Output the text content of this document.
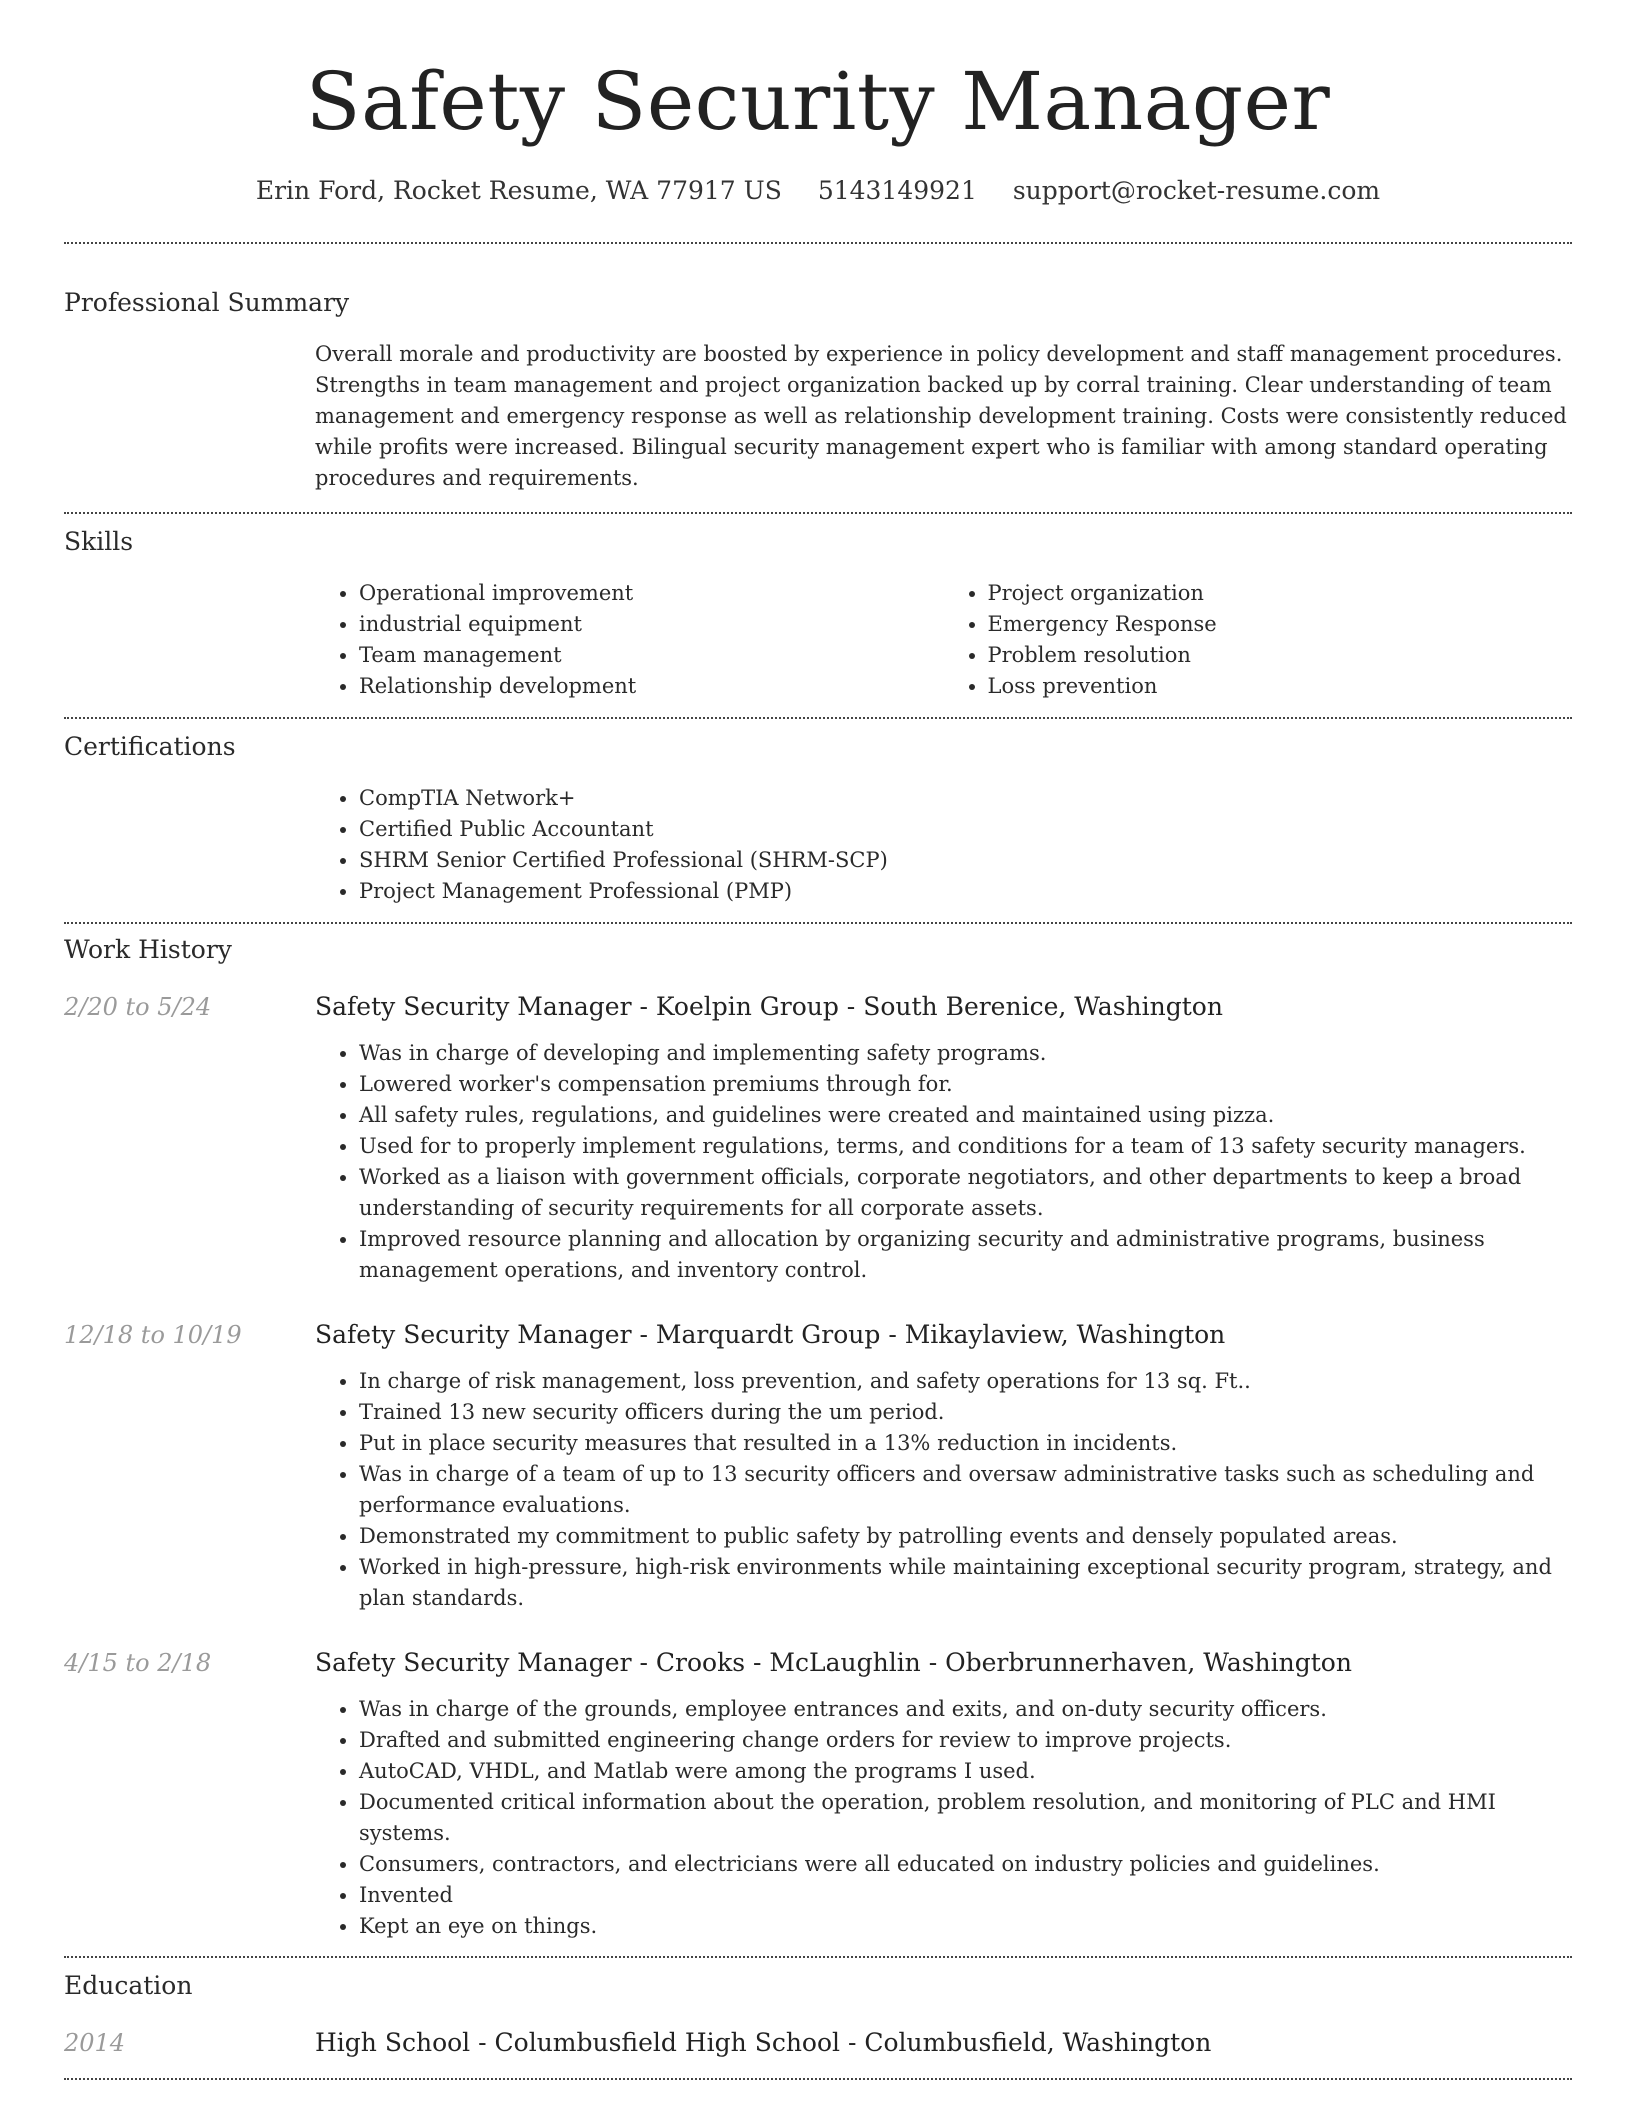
Safety Security Manager
Erin Ford, Rocket Resume, WA 77917 US 5143149921 support@rocket-resume.com
Professional Summary

Overall morale and productivity are boosted by experience in policy development and staff management procedures. Strengths in team management and project organization backed up by corral training. Clear understanding of team management and emergency response as well as relationship development training. Costs were consistently reduced while profits were increased. Bilingual security management expert who is familiar with among standard operating procedures and requirements.

Skills
• Operational improvement
• industrial equipment
• Team management
• Relationship development
• Project organization
• Emergency Response
• Problem resolution
• Loss prevention
Certifications
• CompTIA Network+
• Certified Public Accountant
• SHRM Senior Certified Professional (SHRM-SCP)
• Project Management Professional (PMP)
Work History
2/20 to 5/24	Safety Security Manager - Koelpin Group - South Berenice, Washington
• Was in charge of developing and implementing safety programs.
• Lowered worker's compensation premiums through for.
• All safety rules, regulations, and guidelines were created and maintained using pizza.
• Used for to properly implement regulations, terms, and conditions for a team of 13 safety security managers.
• Worked as a liaison with government officials, corporate negotiators, and other departments to keep a broad understanding of security requirements for all corporate assets.
• Improved resource planning and allocation by organizing security and administrative programs, business management operations, and inventory control.
12/18 to 10/19	Safety Security Manager - Marquardt Group - Mikaylaview, Washington
• In charge of risk management, loss prevention, and safety operations for 13 sq. Ft..
• Trained 13 new security officers during the um period.
• Put in place security measures that resulted in a 13% reduction in incidents.
• Was in charge of a team of up to 13 security officers and oversaw administrative tasks such as scheduling and performance evaluations.
• Demonstrated my commitment to public safety by patrolling events and densely populated areas.
• Worked in high-pressure, high-risk environments while maintaining exceptional security program, strategy, and plan standards.
4/15 to 2/18	Safety Security Manager - Crooks - McLaughlin - Oberbrunnerhaven, Washington
• Was in charge of the grounds, employee entrances and exits, and on-duty security officers.
• Drafted and submitted engineering change orders for review to improve projects.
• AutoCAD, VHDL, and Matlab were among the programs I used.
• Documented critical information about the operation, problem resolution, and monitoring of PLC and HMI systems.
• Consumers, contractors, and electricians were all educated on industry policies and guidelines.
• Invented
• Kept an eye on things.
Education
2014	High School - Columbusfield High School - Columbusfield, Washington
